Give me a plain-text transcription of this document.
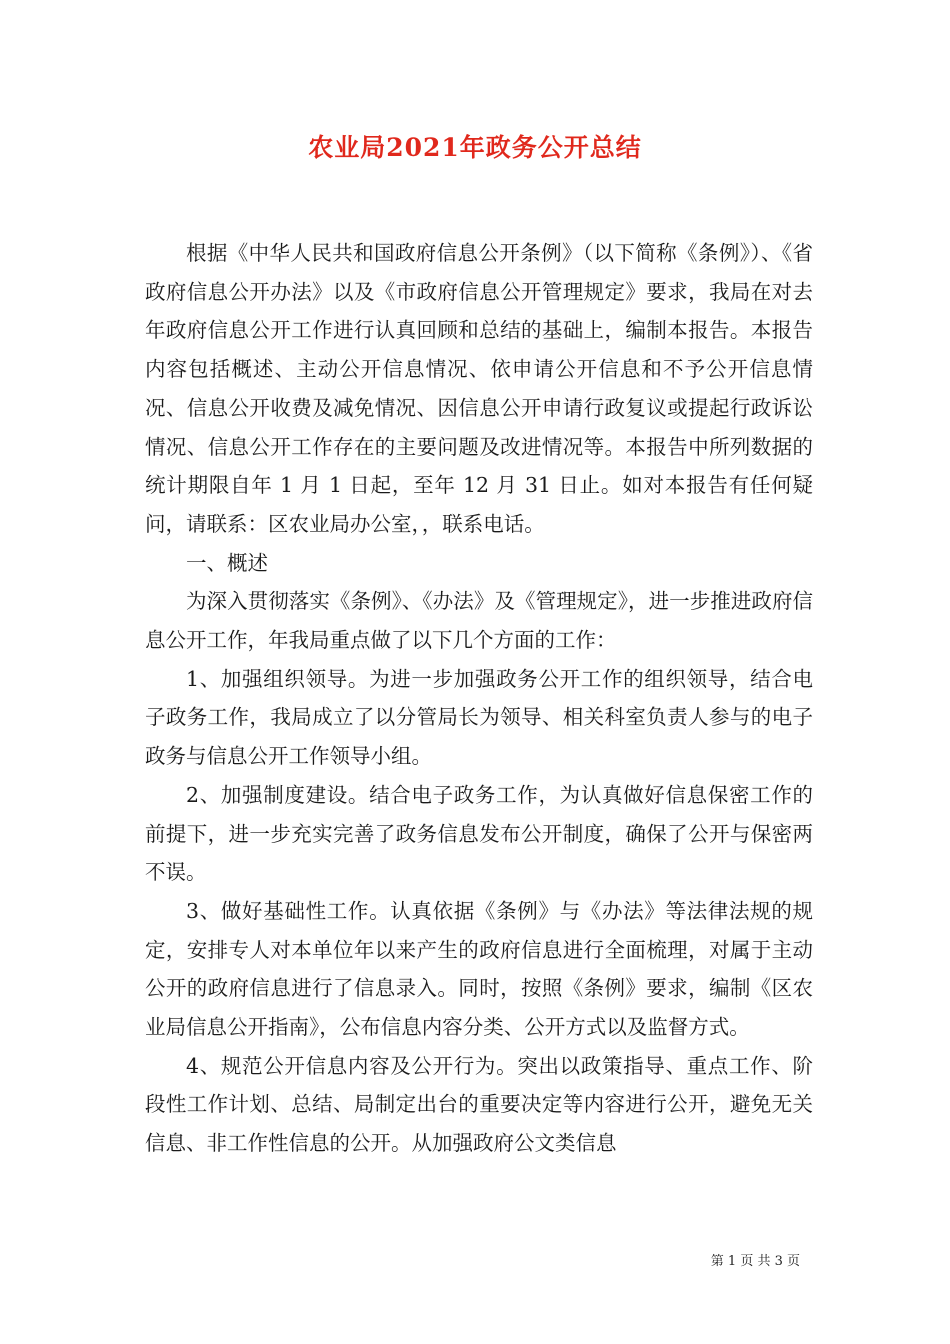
农业局2021年政务公开总结

根据《中华人民共和国政府信息公开条例》（以下简称《条例》）、《省政府信息公开办法》以及《市政府信息公开管理规定》要求，我局在对去年政府信息公开工作进行认真回顾和总结的基础上，编制本报告。本报告内容包括概述、主动公开信息情况、依申请公开信息和不予公开信息情况、信息公开收费及减免情况、因信息公开申请行政复议或提起行政诉讼情况、信息公开工作存在的主要问题及改进情况等。本报告中所列数据的统计期限自年 1 月 1 日起，至年 12 月 31 日止。如对本报告有任何疑问，请联系：区农业局办公室，，联系电话。

一、概述

为深入贯彻落实《条例》、《办法》及《管理规定》，进一步推进政府信息公开工作，年我局重点做了以下几个方面的工作：

1、加强组织领导。为进一步加强政务公开工作的组织领导，结合电子政务工作，我局成立了以分管局长为领导、相关科室负责人参与的电子政务与信息公开工作领导小组。

2、加强制度建设。结合电子政务工作，为认真做好信息保密工作的前提下，进一步充实完善了政务信息发布公开制度，确保了公开与保密两不误。

3、做好基础性工作。认真依据《条例》与《办法》等法律法规的规定，安排专人对本单位年以来产生的政府信息进行全面梳理，对属于主动公开的政府信息进行了信息录入。同时，按照《条例》要求，编制《区农业局信息公开指南》，公布信息内容分类、公开方式以及监督方式。

4、规范公开信息内容及公开行为。突出以政策指导、重点工作、阶段性工作计划、总结、局制定出台的重要决定等内容进行公开，避免无关信息、非工作性信息的公开。从加强政府公文类信息

第 1 页 共 3 页
